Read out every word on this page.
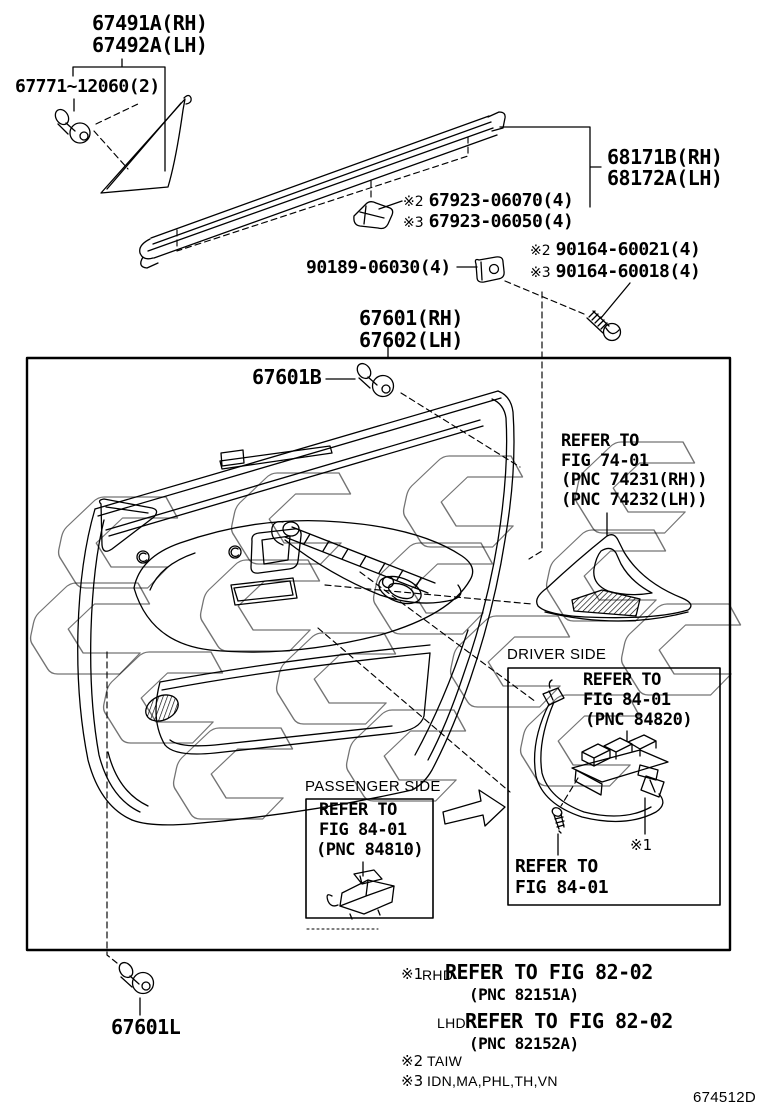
67491A(RH)
67492A(LH)
67771~12060(2)
68171B(RH)
68172A(LH)
※2 67923-06070(4)
※3 67923-06050(4)
90189-06030(4)
※2 90164-60021(4)
※3 90164-60018(4)
67601(RH)
67602(LH)
67601B
REFER TO
FIG 74-01
(PNC 74231(RH))
(PNC 74232(LH))
DRIVER SIDE
REFER TO
FIG 84-01
(PNC 84820)
※1
REFER TO
FIG 84-01
PASSENGER SIDE
REFER TO
FIG 84-01
(PNC 84810)
67601L
※1
RHD
REFER TO FIG 82-02
(PNC 82151A)
LHD REFER TO FIG 82-02
(PNC 82152A)
※2 TAIW
※3 IDN,MA,PHL,TH,VN
674512D
